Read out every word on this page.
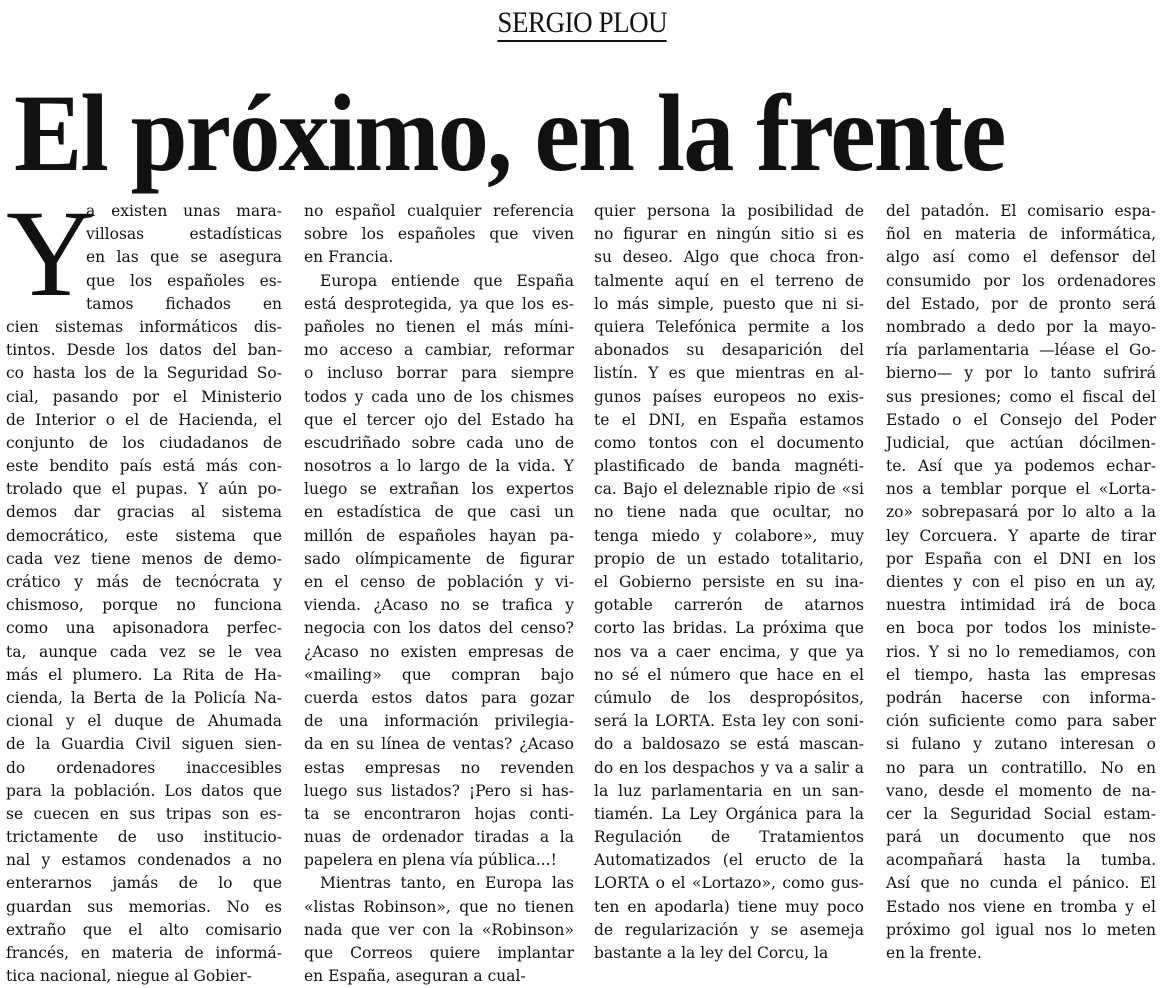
SERGIO PLOU
El próximo, en la frente
Y
a existen unas mara-
villosas estadísticas
en las que se asegura
que los españoles es-
tamos fichados en
cien sistemas informáticos dis-
tintos. Desde los datos del ban-
co hasta los de la Seguridad So-
cial, pasando por el Ministerio
de Interior o el de Hacienda, el
conjunto de los ciudadanos de
este bendito país está más con-
trolado que el pupas. Y aún po-
demos dar gracias al sistema
democrático, este sistema que
cada vez tiene menos de demo-
crático y más de tecnócrata y
chismoso, porque no funciona
como una apisonadora perfec-
ta, aunque cada vez se le vea
más el plumero. La Rita de Ha-
cienda, la Berta de la Policía Na-
cional y el duque de Ahumada
de la Guardia Civil siguen sien-
do ordenadores inaccesibles
para la población. Los datos que
se cuecen en sus tripas son es-
trictamente de uso institucio-
nal y estamos condenados a no
enterarnos jamás de lo que
guardan sus memorias. No es
extraño que el alto comisario
francés, en materia de informá-
tica nacional, niegue al Gobier-
no español cualquier referencia
sobre los españoles que viven
en Francia.
Europa entiende que España
está desprotegida, ya que los es-
pañoles no tienen el más míni-
mo acceso a cambiar, reformar
o incluso borrar para siempre
todos y cada uno de los chismes
que el tercer ojo del Estado ha
escudriñado sobre cada uno de
nosotros a lo largo de la vida. Y
luego se extrañan los expertos
en estadística de que casi un
millón de españoles hayan pa-
sado olímpicamente de figurar
en el censo de población y vi-
vienda. ¿Acaso no se trafica y
negocia con los datos del censo?
¿Acaso no existen empresas de
«mailing» que compran bajo
cuerda estos datos para gozar
de una información privilegia-
da en su línea de ventas? ¿Acaso
estas empresas no revenden
luego sus listados? ¡Pero si has-
ta se encontraron hojas conti-
nuas de ordenador tiradas a la
papelera en plena vía pública...!
Mientras tanto, en Europa las
«listas Robinson», que no tienen
nada que ver con la «Robinson»
que Correos quiere implantar
en España, aseguran a cual-
quier persona la posibilidad de
no figurar en ningún sitio si es
su deseo. Algo que choca fron-
talmente aquí en el terreno de
lo más simple, puesto que ni si-
quiera Telefónica permite a los
abonados su desaparición del
listín. Y es que mientras en al-
gunos países europeos no exis-
te el DNI, en España estamos
como tontos con el documento
plastificado de banda magnéti-
ca. Bajo el deleznable ripio de «si
no tiene nada que ocultar, no
tenga miedo y colabore», muy
propio de un estado totalitario,
el Gobierno persiste en su ina-
gotable carrerón de atarnos
corto las bridas. La próxima que
nos va a caer encima, y que ya
no sé el número que hace en el
cúmulo de los despropósitos,
será la LORTA. Esta ley con soni-
do a baldosazo se está mascan-
do en los despachos y va a salir a
la luz parlamentaria en un san-
tiamén. La Ley Orgánica para la
Regulación de Tratamientos
Automatizados (el eructo de la
LORTA o el «Lortazo», como gus-
ten en apodarla) tiene muy poco
de regularización y se asemeja
bastante a la ley del Corcu, la
del patadón. El comisario espa-
ñol en materia de informática,
algo así como el defensor del
consumido por los ordenadores
del Estado, por de pronto será
nombrado a dedo por la mayo-
ría parlamentaria —léase el Go-
bierno— y por lo tanto sufrirá
sus presiones; como el fiscal del
Estado o el Consejo del Poder
Judicial, que actúan dócilmen-
te. Así que ya podemos echar-
nos a temblar porque el «Lorta-
zo» sobrepasará por lo alto a la
ley Corcuera. Y aparte de tirar
por España con el DNI en los
dientes y con el piso en un ay,
nuestra intimidad irá de boca
en boca por todos los ministe-
rios. Y si no lo remediamos, con
el tiempo, hasta las empresas
podrán hacerse con informa-
ción suficiente como para saber
si fulano y zutano interesan o
no para un contratillo. No en
vano, desde el momento de na-
cer la Seguridad Social estam-
pará un documento que nos
acompañará hasta la tumba.
Así que no cunda el pánico. El
Estado nos viene en tromba y el
próximo gol igual nos lo meten
en la frente.
